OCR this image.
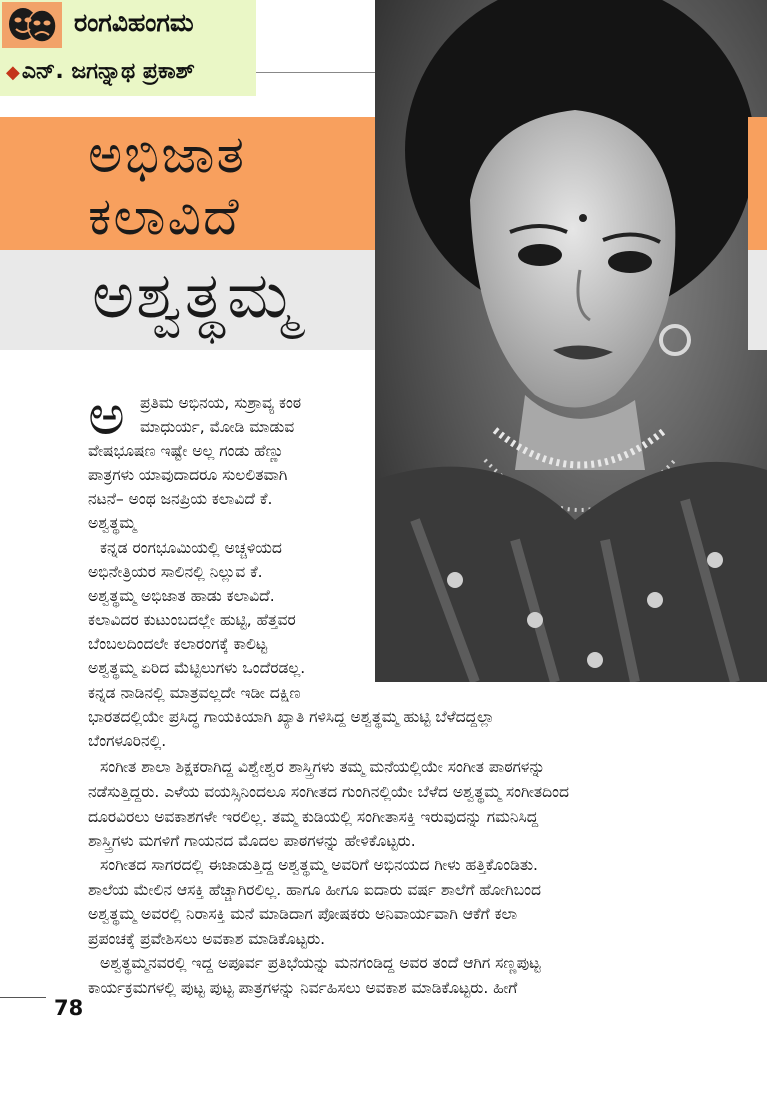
ರಂಗವಿಹಂಗಮ
◆ಎನ್. ಜಗನ್ನಾಥ ಪ್ರಕಾಶ್
ಅಭಿಜಾತ
ಕಲಾವಿದೆ
ಅಶ್ವತ್ಥಮ್ಮ
ಅ ಪ್ರತಿಮ ಅಭಿನಯ, ಸುಶ್ರಾವ್ಯ ಕಂಠ
ಮಾಧುರ್ಯ, ಮೋಡಿ ಮಾಡುವ
ವೇಷಭೂಷಣ ಇಷ್ಟೇ ಅಲ್ಲ ಗಂಡು ಹೆಣ್ಣು
ಪಾತ್ರಗಳು ಯಾವುದಾದರೂ ಸುಲಲಿತವಾಗಿ
ನಟನೆ– ಅಂಥ ಜನಪ್ರಿಯ ಕಲಾವಿದೆ ಕೆ.
ಅಶ್ವತ್ಥಮ್ಮ
ಕನ್ನಡ ರಂಗಭೂಮಿಯಲ್ಲಿ ಅಚ್ಚಳಿಯದ
ಅಭಿನೇತ್ರಿಯರ ಸಾಲಿನಲ್ಲಿ ನಿಲ್ಲುವ ಕೆ.
ಅಶ್ವತ್ಥಮ್ಮ ಅಭಿಜಾತ ಹಾಡು ಕಲಾವಿದೆ.
ಕಲಾವಿದರ ಕುಟುಂಬದಲ್ಲೇ ಹುಟ್ಟಿ, ಹೆತ್ತವರ
ಬೆಂಬಲದಿಂದಲೇ ಕಲಾರಂಗಕ್ಕೆ ಕಾಲಿಟ್ಟ
ಅಶ್ವತ್ಥಮ್ಮ ಏರಿದ ಮೆಟ್ಟಿಲುಗಳು ಒಂದೆರಡಲ್ಲ.
ಕನ್ನಡ ನಾಡಿನಲ್ಲಿ ಮಾತ್ರವಲ್ಲದೇ ಇಡೀ ದಕ್ಷಿಣ
ಭಾರತದಲ್ಲಿಯೇ ಪ್ರಸಿದ್ಧ ಗಾಯಕಿಯಾಗಿ ಖ್ಯಾತಿ ಗಳಿಸಿದ್ದ ಅಶ್ವತ್ಥಮ್ಮ ಹುಟ್ಟಿ ಬೆಳೆದದ್ದಲ್ಲಾ
ಬೆಂಗಳೂರಿನಲ್ಲಿ.
ಸಂಗೀತ ಶಾಲಾ ಶಿಕ್ಷಕರಾಗಿದ್ದ ವಿಶ್ವೇಶ್ವರ ಶಾಸ್ತ್ರಿಗಳು ತಮ್ಮ ಮನೆಯಲ್ಲಿಯೇ ಸಂಗೀತ ಪಾಠಗಳನ್ನು
ನಡೆಸುತ್ತಿದ್ದರು. ಎಳೆಯ ವಯಸ್ಸಿನಿಂದಲೂ ಸಂಗೀತದ ಗುಂಗಿನಲ್ಲಿಯೇ ಬೆಳೆದ ಅಶ್ವತ್ಥಮ್ಮ ಸಂಗೀತದಿಂದ
ದೂರವಿರಲು ಅವಕಾಶಗಳೇ ಇರಲಿಲ್ಲ. ತಮ್ಮ ಕುಡಿಯಲ್ಲಿ ಸಂಗೀತಾಸಕ್ತಿ ಇರುವುದನ್ನು ಗಮನಿಸಿದ್ದ
ಶಾಸ್ತ್ರಿಗಳು ಮಗಳಿಗೆ ಗಾಯನದ ಮೊದಲ ಪಾಠಗಳನ್ನು ಹೇಳಿಕೊಟ್ಟರು.
ಸಂಗೀತದ ಸಾಗರದಲ್ಲಿ ಈಜಾಡುತ್ತಿದ್ದ ಅಶ್ವತ್ಥಮ್ಮ ಅವರಿಗೆ ಅಭಿನಯದ ಗೀಳು ಹತ್ತಿಕೊಂಡಿತು.
ಶಾಲೆಯ ಮೇಲಿನ ಆಸಕ್ತಿ ಹೆಚ್ಚಾಗಿರಲಿಲ್ಲ. ಹಾಗೂ ಹೀಗೂ ಐದಾರು ವರ್ಷ ಶಾಲೆಗೆ ಹೋಗಿಬಂದ
ಅಶ್ವತ್ಥಮ್ಮ ಅವರಲ್ಲಿ ನಿರಾಸಕ್ತಿ ಮನೆ ಮಾಡಿದಾಗ ಪೋಷಕರು ಅನಿವಾರ್ಯವಾಗಿ ಆಕೆಗೆ ಕಲಾ
ಪ್ರಪಂಚಕ್ಕೆ ಪ್ರವೇಶಿಸಲು ಅವಕಾಶ ಮಾಡಿಕೊಟ್ಟರು.
ಅಶ್ವತ್ಥಮ್ಮನವರಲ್ಲಿ ಇದ್ದ ಅಪೂರ್ವ ಪ್ರತಿಭೆಯನ್ನು ಮನಗಂಡಿದ್ದ ಅವರ ತಂದೆ ಆಗಿಗ ಸಣ್ಣಪುಟ್ಟ
ಕಾರ್ಯಕ್ರಮಗಳಲ್ಲಿ ಪುಟ್ಟ ಪುಟ್ಟ ಪಾತ್ರಗಳನ್ನು ನಿರ್ವಹಿಸಲು ಅವಕಾಶ ಮಾಡಿಕೊಟ್ಟರು. ಹೀಗೆ
78
